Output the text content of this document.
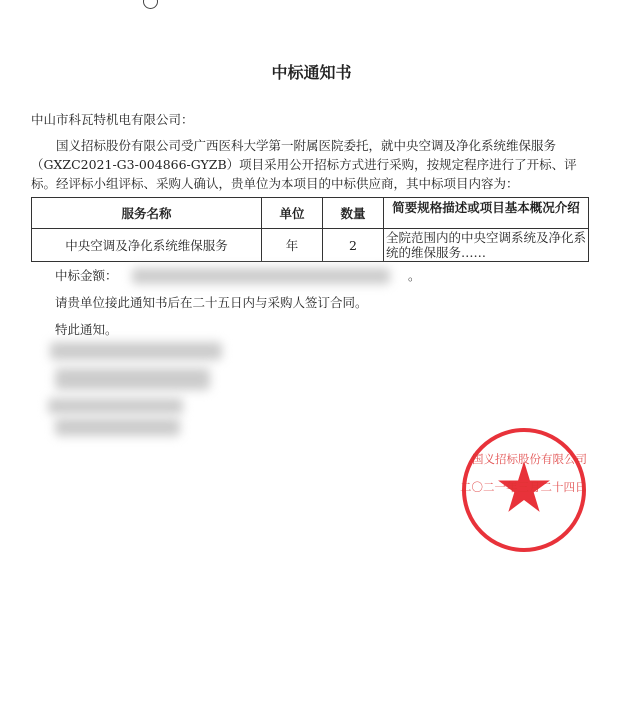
中标通知书

中山市科瓦特机电有限公司：

国义招标股份有限公司受广西医科大学第一附属医院委托，就中央空调及净化系统维保服务（GXZC2021-G3-004866-GYZB）项目采用公开招标方式进行采购，按规定程序进行了开标、评标。经评标小组评标、采购人确认，贵单位为本项目的中标供应商，其中标项目内容为：

服务名称	单位	数量	简要规格描述或项目基本概况介绍
中央空调及净化系统维保服务	年	2	全院范围内的中央空调系统及净化系统的维保服务……

中标金额：	。

请贵单位接此通知书后在二十五日内与采购人签订合同。

特此通知。

国义招标股份有限公司
二〇二一年三月二十四日
